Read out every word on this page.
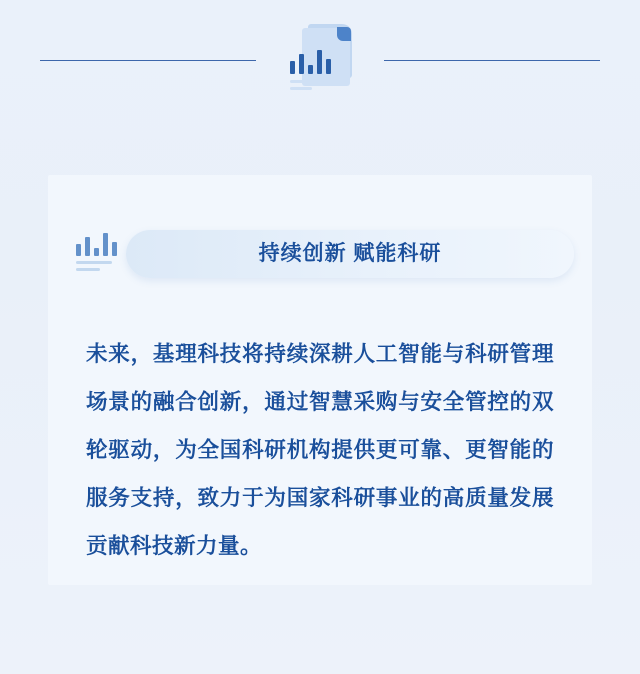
持续创新 赋能科研

未来，基理科技将持续深耕人工智能与科研管理场景的融合创新，通过智慧采购与安全管控的双轮驱动，为全国科研机构提供更可靠、更智能的服务支持，致力于为国家科研事业的高质量发展贡献科技新力量。
